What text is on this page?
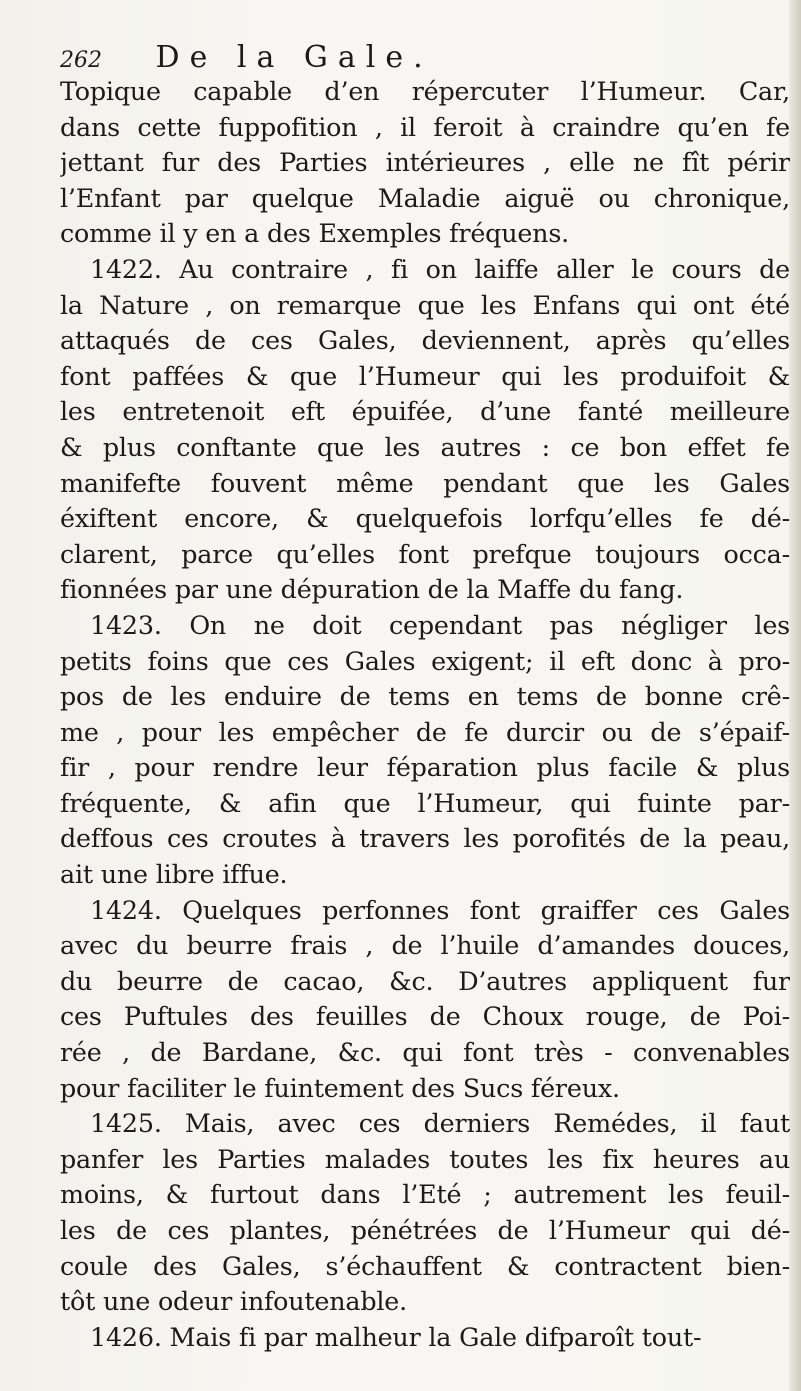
262 De la Gale.
Topique capable d’en répercuter l’Humeur. Car,
dans cette fuppofition , il feroit à craindre qu’en fe
jettant fur des Parties intérieures , elle ne fît périr
l’Enfant par quelque Maladie aiguë ou chronique,
comme il y en a des Exemples fréquens.
1422. Au contraire , fi on laiffe aller le cours de
la Nature , on remarque que les Enfans qui ont été
attaqués de ces Gales, deviennent, après qu’elles
font paffées & que l’Humeur qui les produifoit &
les entretenoit eft épuifée, d’une fanté meilleure
& plus conftante que les autres : ce bon effet fe
manifefte fouvent même pendant que les Gales
éxiftent encore, & quelquefois lorfqu’elles fe dé-
clarent, parce qu’elles font prefque toujours occa-
fionnées par une dépuration de la Maffe du fang.
1423. On ne doit cependant pas négliger les
petits foins que ces Gales exigent; il eft donc à pro-
pos de les enduire de tems en tems de bonne crê-
me , pour les empêcher de fe durcir ou de s’épaif-
fir , pour rendre leur féparation plus facile & plus
fréquente, & afin que l’Humeur, qui fuinte par-
deffous ces croutes à travers les porofités de la peau,
ait une libre iffue.
1424. Quelques perfonnes font graiffer ces Gales
avec du beurre frais , de l’huile d’amandes douces,
du beurre de cacao, &c. D’autres appliquent fur
ces Puftules des feuilles de Choux rouge, de Poi-
rée , de Bardane, &c. qui font très - convenables
pour faciliter le fuintement des Sucs féreux.
1425. Mais, avec ces derniers Remédes, il faut
panfer les Parties malades toutes les fix heures au
moins, & furtout dans l’Eté ; autrement les feuil-
les de ces plantes, pénétrées de l’Humeur qui dé-
coule des Gales, s’échauffent & contractent bien-
tôt une odeur infoutenable.
1426. Mais fi par malheur la Gale difparoît tout-
